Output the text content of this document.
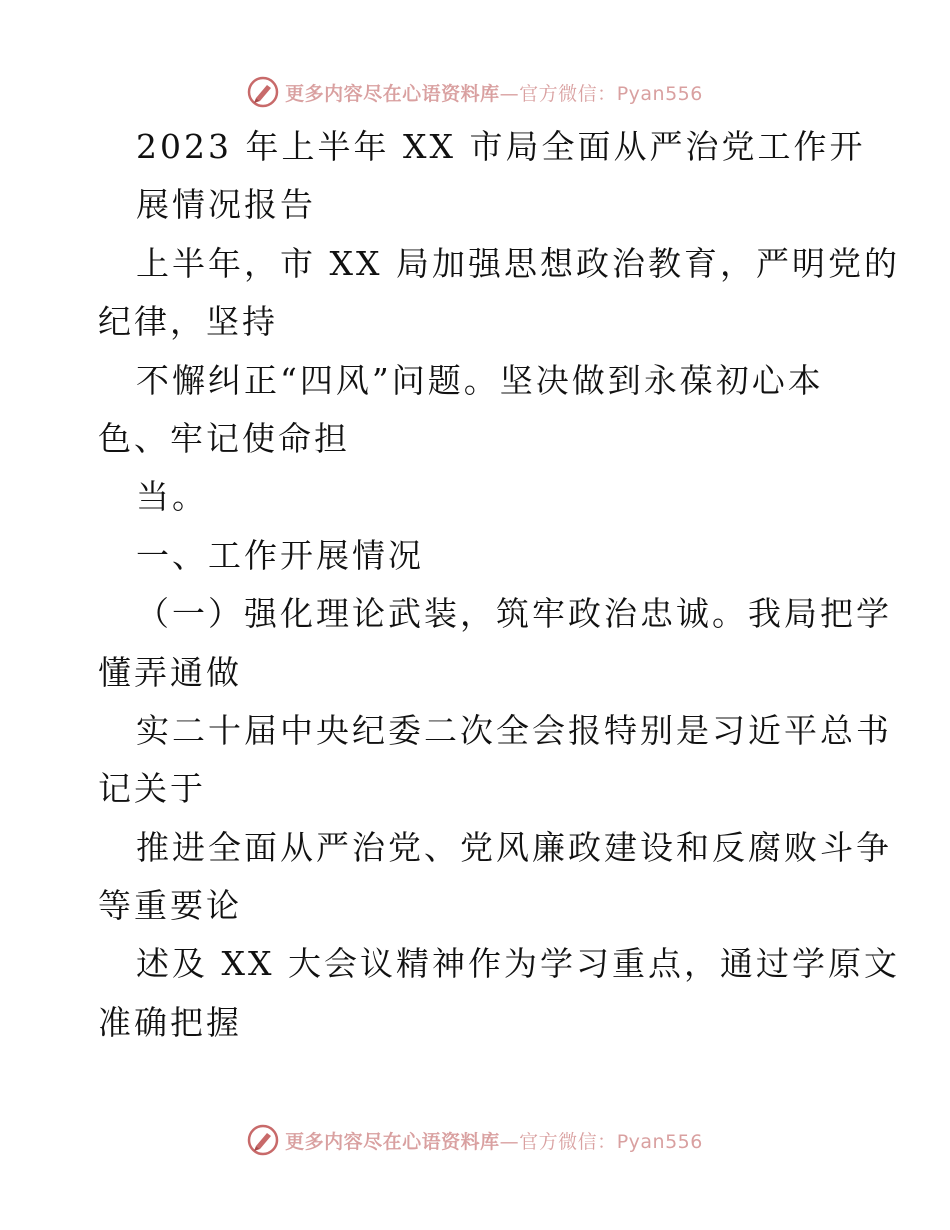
更多内容尽在心语资料库—官方微信：Pyan556
2023 年上半年 XX 市局全面从严治党工作开
展情况报告
上半年，市 XX 局加强思想政治教育，严明党的
纪律，坚持
不懈纠正“四风”问题。坚决做到永葆初心本
色、牢记使命担
当。
一、工作开展情况
（一）强化理论武装，筑牢政治忠诚。我局把学
懂弄通做
实二十届中央纪委二次全会报特别是习近平总书
记关于
推进全面从严治党、党风廉政建设和反腐败斗争
等重要论
述及 XX 大会议精神作为学习重点，通过学原文
准确把握
更多内容尽在心语资料库—官方微信：Pyan556
